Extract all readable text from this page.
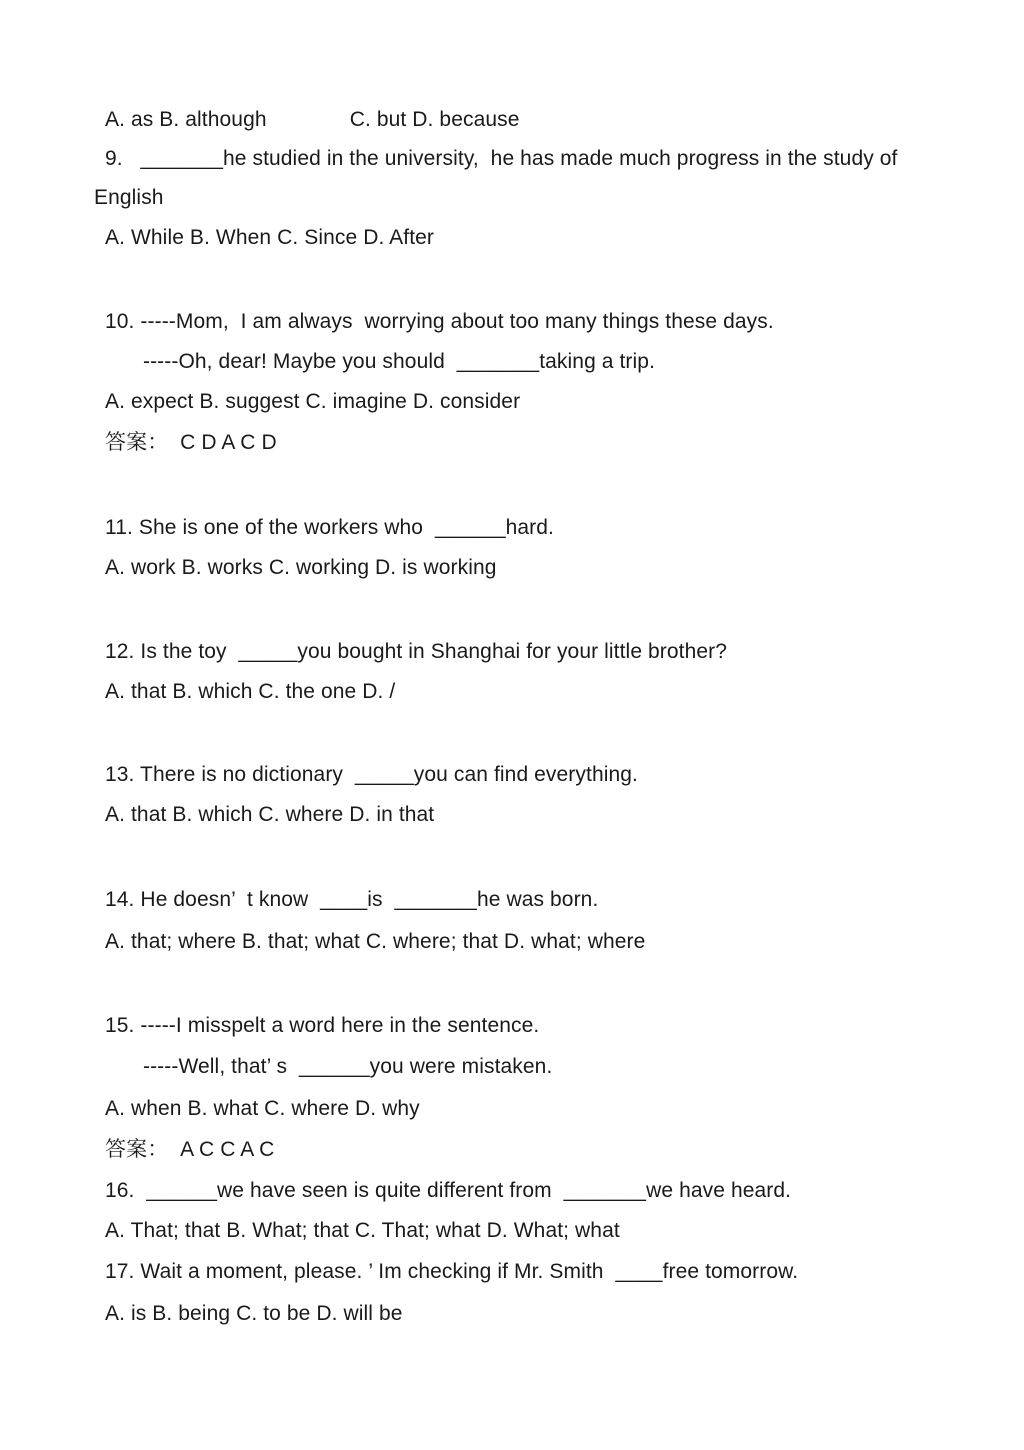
A. as B. although              C. but D. because
9.   _______he studied in the university,  he has made much progress in the study of
English
A. While B. When C. Since D. After
10. -----Mom,  I am always  worrying about too many things these days.
-----Oh, dear! Maybe you should  _______taking a trip.
A. expect B. suggest C. imagine D. consider
答案：  C D A C D
11. She is one of the workers who  ______hard.
A. work B. works C. working D. is working
12. Is the toy  _____you bought in Shanghai for your little brother?
A. that B. which C. the one D. /
13. There is no dictionary  _____you can find everything.
A. that B. which C. where D. in that
14. He doesn’  t know  ____is  _______he was born.
A. that; where B. that; what C. where; that D. what; where
15. -----I misspelt a word here in the sentence.
-----Well, that’ s  ______you were mistaken.
A. when B. what C. where D. why
答案：  A C C A C
16.  ______we have seen is quite different from  _______we have heard.
A. That; that B. What; that C. That; what D. What; what
17. Wait a moment, please. ’ Im checking if Mr. Smith  ____free tomorrow.
A. is B. being C. to be D. will be
